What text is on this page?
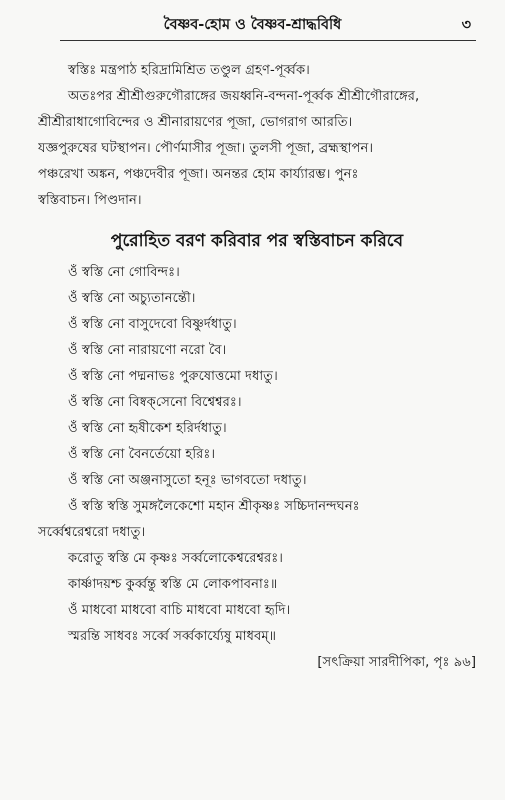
বৈষ্ণব-হোম ও বৈষ্ণব-শ্রাদ্ধবিধি	৩
স্বস্তিঃ মন্ত্রপাঠ হরিদ্রামিশ্রিত তণ্ডুল গ্রহণ-পূর্ব্বক।
অতঃপর শ্রীশ্রীগুরুগৌরাঙ্গের জয়ধ্বনি-বন্দনা-পূর্ব্বক শ্রীশ্রীগৌরাঙ্গের,
শ্রীশ্রীরাধাগোবিন্দের ও শ্রীনারায়ণের পূজা, ভোগরাগ আরতি।
যজ্ঞপুরুষের ঘটস্থাপন। পৌর্ণমাসীর পূজা। তুলসী পূজা, ব্রহ্মস্থাপন।
পঞ্চরেখা অঙ্কন, পঞ্চদেবীর পূজা। অনন্তর হোম কার্য্যারম্ভ। পুনঃ
স্বস্তিবাচন। পিণ্ডদান।
পুরোহিত বরণ করিবার পর স্বস্তিবাচন করিবে
ওঁ স্বস্তি নো গোবিন্দঃ।
ওঁ স্বস্তি নো অচ্যুতানন্তৌ।
ওঁ স্বস্তি নো বাসুদেবো বিষ্ণুর্দধাতু।
ওঁ স্বস্তি নো নারায়ণো নরো বৈ।
ওঁ স্বস্তি নো পদ্মনাভঃ পুরুষোত্তমো দধাতু।
ওঁ স্বস্তি নো বিষ্বক্‌সেনো বিশ্বেশ্বরঃ।
ওঁ স্বস্তি নো হৃষীকেশ হরির্দধাতু।
ওঁ স্বস্তি নো বৈনর্তেয়ো হরিঃ।
ওঁ স্বস্তি নো অঞ্জনাসুতো হনূঃ ভাগবতো দধাতু।
ওঁ স্বস্তি স্বস্তি সুমঙ্গলৈকেশো মহান শ্রীকৃষ্ণঃ সচ্চিদানন্দঘনঃ
সর্ব্বেশ্বরেশ্বরো দধাতু।
করোতু স্বস্তি মে কৃষ্ণঃ সর্ব্বলোকেশ্বরেশ্বরঃ।
কার্ষ্ণাদয়শ্চ কুর্ব্বন্তু স্বস্তি মে লোকপাবনাঃ॥
ওঁ মাধবো মাধবো বাচি মাধবো মাধবো হৃদি।
স্মরন্তি সাধবঃ সর্ব্বে সর্ব্বকার্য্যেষু মাধবম্‌॥
[সৎক্রিয়া সারদীপিকা, পৃঃ ৯৬]
